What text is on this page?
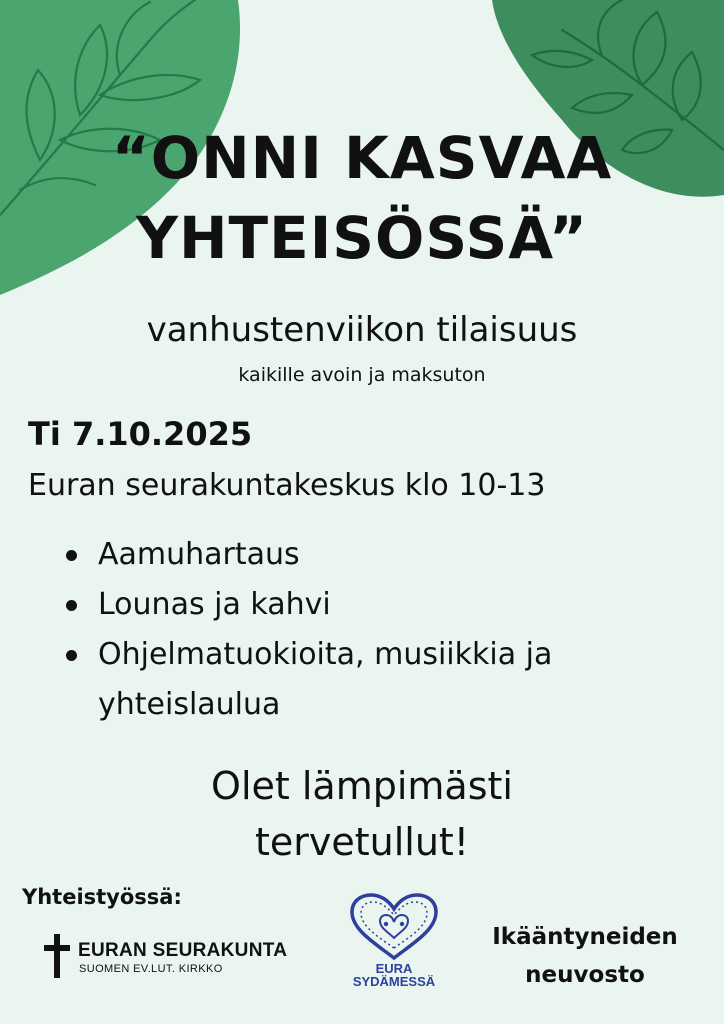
“ONNI KASVAA
YHTEISÖSSÄ”
vanhustenviikon tilaisuus
kaikille avoin ja maksuton
Ti 7.10.2025
Euran seurakuntakeskus klo 10-13
Aamuhartaus
Lounas ja kahvi
Ohjelmatuokioita, musiikkia ja yhteislaulua
Olet lämpimästi
tervetullut!
Yhteistyössä:
EURAN SEURAKUNTA
SUOMEN EV.LUT. KIRKKO	EURA
SYDÄMESSÄ
Ikääntyneiden
neuvosto
